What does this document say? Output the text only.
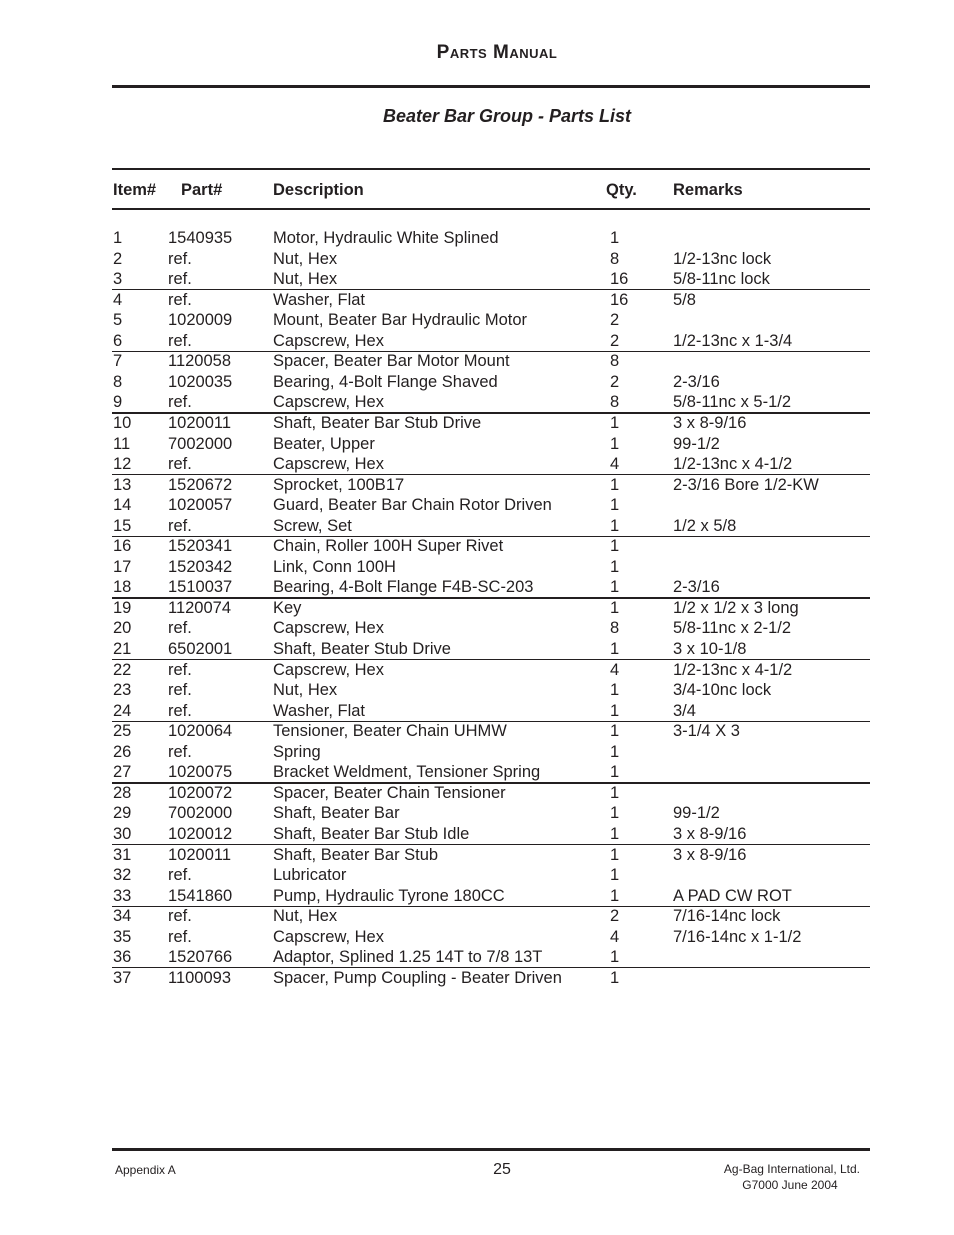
Parts Manual
Beater Bar Group - Parts List
Item# Part#	Description	Qty. Remarks
1	1540935 Motor, Hydraulic White Splined	1
2	ref.	Nut, Hex	8	1/2-13nc lock
3	ref.	Nut, Hex	16	5/8-11nc lock
4	ref.	Washer, Flat	16	5/8
5	1020009 Mount, Beater Bar Hydraulic Motor	2
6	ref.	Capscrew, Hex	2	1/2-13nc x 1-3/4
7	1120058	Spacer, Beater Bar Motor Mount	8
8	1020035 Bearing, 4-Bolt Flange Shaved	2	2-3/16
9	ref.	Capscrew, Hex	8	5/8-11nc x 5-1/2
10 1020011	Shaft, Beater Bar Stub Drive	1	3 x 8-9/16
11 7002000 Beater, Upper	1	99-1/2
12 ref.	Capscrew, Hex	4	1/2-13nc x 4-1/2
13 1520672 Sprocket, 100B17	1	2-3/16 Bore 1/2-KW
14 1020057 Guard, Beater Bar Chain Rotor Driven	1
15 ref.	Screw, Set	1	1/2 x 5/8
16 1520341 Chain, Roller 100H Super Rivet	1
17 1520342 Link, Conn 100H	1
18 1510037 Bearing, 4-Bolt Flange F4B-SC-203	1	2-3/16
19 1120074	Key	1	1/2 x 1/2 x 3 long
20 ref.	Capscrew, Hex	8	5/8-11nc x 2-1/2
21 6502001 Shaft, Beater Stub Drive	1	3 x 10-1/8
22 ref.	Capscrew, Hex	4	1/2-13nc x 4-1/2
23 ref.	Nut, Hex	1	3/4-10nc lock
24 ref.	Washer, Flat	1	3/4
25 1020064 Tensioner, Beater Chain UHMW	1	3-1/4 X 3
26 ref.	Spring	1
27 1020075 Bracket Weldment, Tensioner Spring	1
28 1020072 Spacer, Beater Chain Tensioner	1
29 7002000 Shaft, Beater Bar	1	99-1/2
30 1020012 Shaft, Beater Bar Stub Idle	1	3 x 8-9/16
31 1020011	Shaft, Beater Bar Stub	1	3 x 8-9/16
32 ref.	Lubricator	1
33 1541860 Pump, Hydraulic Tyrone 180CC	1	A PAD CW ROT
34 ref.	Nut, Hex	2	7/16-14nc lock
35 ref.	Capscrew, Hex	4	7/16-14nc x 1-1/2
36 1520766 Adaptor, Splined 1.25 14T to 7/8 13T	1
37 1100093	Spacer, Pump Coupling - Beater Driven	1
Appendix A	25	Ag-Bag International, Ltd.
G7000 June 2004
